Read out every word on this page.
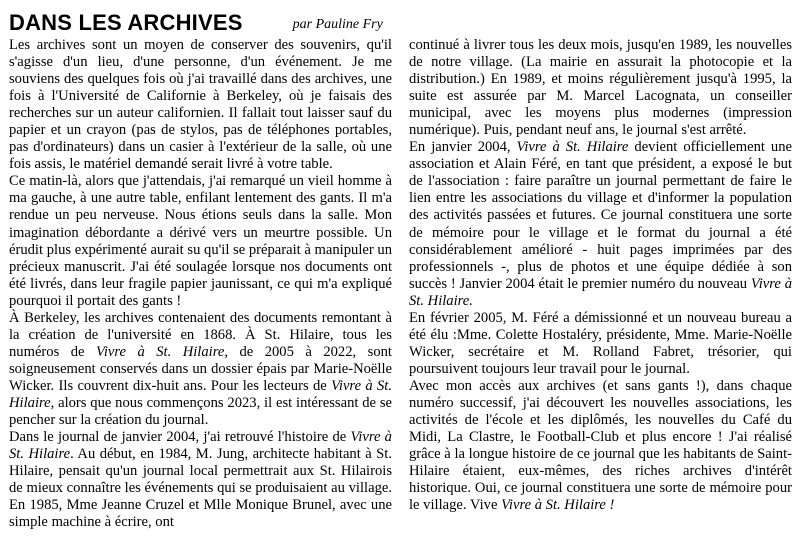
DANS LES ARCHIVES	par Pauline Fry

Les archives sont un moyen de conserver des souvenirs, qu'il s'agisse d'un lieu, d'une personne, d'un événement. Je me souviens des quelques fois où j'ai travaillé dans des archives, une fois à l'Université de Californie à Berkeley, où je faisais des recherches sur un auteur californien. Il fallait tout laisser sauf du papier et un crayon (pas de stylos, pas de téléphones portables, pas d'ordinateurs) dans un casier à l'extérieur de la salle, où une fois assis, le matériel demandé serait livré à votre table.

Ce matin-là, alors que j'attendais, j'ai remarqué un vieil homme à ma gauche, à une autre table, enfilant lentement des gants. Il m'a rendue un peu nerveuse. Nous étions seuls dans la salle. Mon imagination débordante a dérivé vers un meurtre possible. Un érudit plus expérimenté aurait su qu'il se préparait à manipuler un précieux manuscrit. J'ai été soulagée lorsque nos documents ont été livrés, dans leur fragile papier jaunissant, ce qui m'a expliqué pourquoi il portait des gants !

À Berkeley, les archives contenaient des documents remontant à la création de l'université en 1868. À St. Hilaire, tous les numéros de Vivre à St. Hilaire, de 2005 à 2022, sont soigneusement conservés dans un dossier épais par Marie-Noëlle Wicker. Ils couvrent dix-huit ans. Pour les lecteurs de Vivre à St. Hilaire, alors que nous commençons 2023, il est intéressant de se pencher sur la création du journal.

Dans le journal de janvier 2004, j'ai retrouvé l'histoire de Vivre à St. Hilaire. Au début, en 1984, M. Jung, architecte habitant à St. Hilaire, pensait qu'un journal local permettrait aux St. Hilairois de mieux connaître les événements qui se produisaient au village. En 1985, Mme Jeanne Cruzel et Mlle Monique Brunel, avec une simple machine à écrire, ont

continué à livrer tous les deux mois, jusqu'en 1989, les nouvelles de notre village. (La mairie en assurait la photocopie et la distribution.) En 1989, et moins régulièrement jusqu'à 1995, la suite est assurée par M. Marcel Lacognata, un conseiller municipal, avec les moyens plus modernes (impression numérique). Puis, pendant neuf ans, le journal s'est arrêté.

En janvier 2004, Vivre à St. Hilaire devient officiellement une association et Alain Féré, en tant que président, a exposé le but de l'association : faire paraître un journal permettant de faire le lien entre les associations du village et d'informer la population des activités passées et futures. Ce journal constituera une sorte de mémoire pour le village et le format du journal a été considérablement amélioré - huit pages imprimées par des professionnels -, plus de photos et une équipe dédiée à son succès ! Janvier 2004 était le premier numéro du nouveau Vivre à St. Hilaire.

En février 2005, M. Féré a démissionné et un nouveau bureau a été élu :Mme. Colette Hostaléry, présidente, Mme. Marie-Noëlle Wicker, secrétaire et M. Rolland Fabret, trésorier, qui poursuivent toujours leur travail pour le journal.

Avec mon accès aux archives (et sans gants !), dans chaque numéro successif, j'ai découvert les nouvelles associations, les activités de l'école et les diplômés, les nouvelles du Café du Midi, La Clastre, le Football-Club et plus encore ! J'ai réalisé grâce à la longue histoire de ce journal que les habitants de Saint-Hilaire étaient, eux-mêmes, des riches archives d'intérêt historique. Oui, ce journal constituera une sorte de mémoire pour le village. Vive Vivre à St. Hilaire !
